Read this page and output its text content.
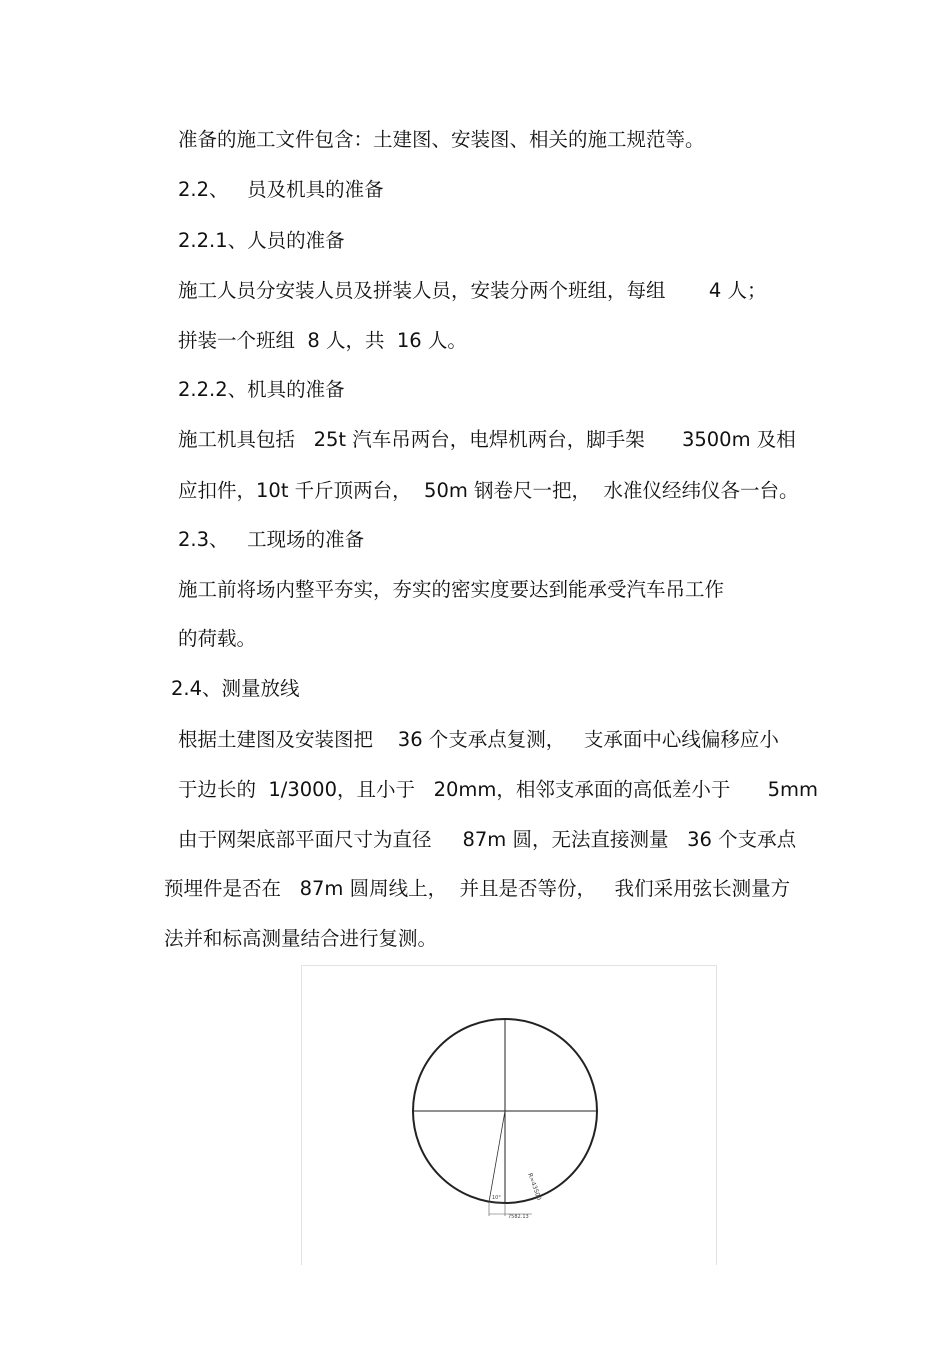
准备的施工文件包含：土建图、安装图、相关的施工规范等。
2.2、   员及机具的准备
2.2.1、人员的准备
施工人员分安装人员及拼装人员，安装分两个班组，每组       4 人；
拼装一个班组  8 人，共  16 人。
2.2.2、机具的准备
施工机具包括   25t 汽车吊两台，电焊机两台，脚手架      3500m 及相
应扣件，10t 千斤顶两台，  50m 钢卷尺一把，  水准仪经纬仪各一台。
2.3、   工现场的准备
施工前将场内整平夯实，夯实的密实度要达到能承受汽车吊工作
的荷载。
2.4、测量放线
根据土建图及安装图把    36 个支承点复测，   支承面中心线偏移应小
于边长的  1/3000，且小于   20mm，相邻支承面的高低差小于      5mm
由于网架底部平面尺寸为直径     87m 圆，无法直接测量   36 个支承点
预埋件是否在   87m 圆周线上，  并且是否等份，   我们采用弦长测量方
法并和标高测量结合进行复测。
R=43500
10°
7582.13
